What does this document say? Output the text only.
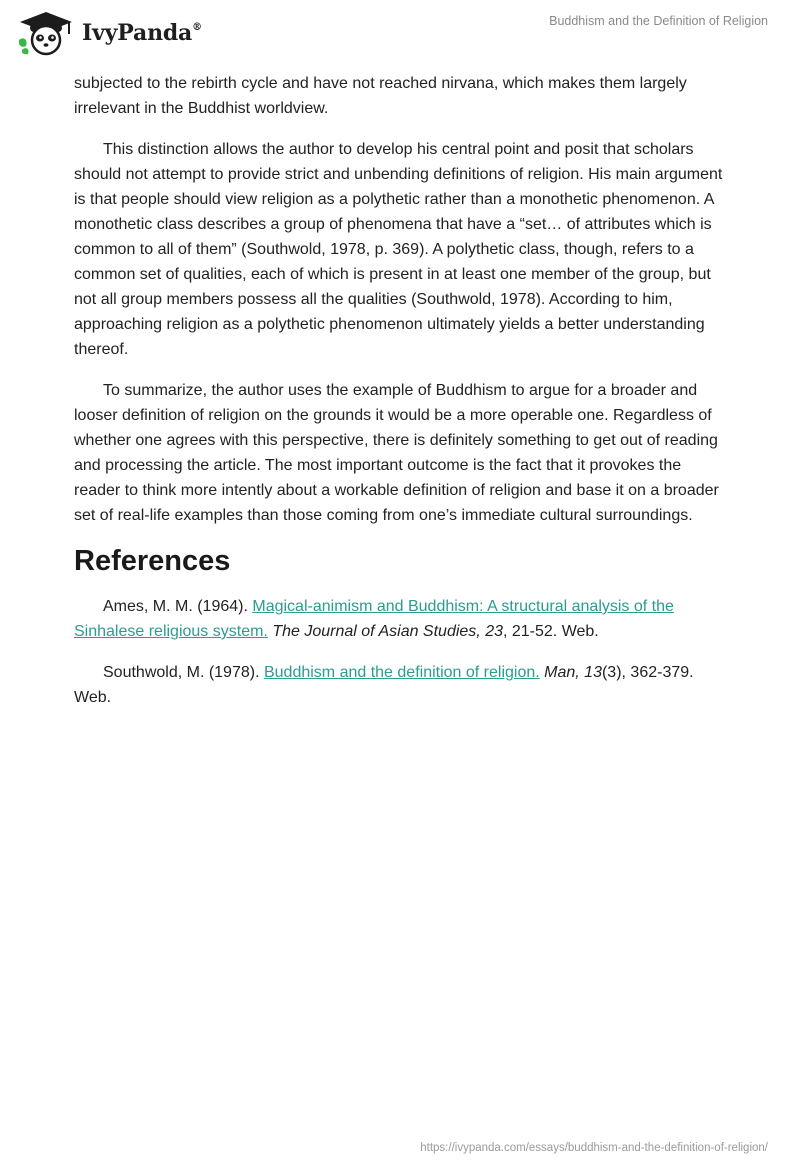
IvyPanda®	Buddhism and the Definition of Religion

subjected to the rebirth cycle and have not reached nirvana, which makes them largely irrelevant in the Buddhist worldview.

This distinction allows the author to develop his central point and posit that scholars should not attempt to provide strict and unbending definitions of religion. His main argument is that people should view religion as a polythetic rather than a monothetic phenomenon. A monothetic class describes a group of phenomena that have a “set… of attributes which is common to all of them” (Southwold, 1978, p. 369). A polythetic class, though, refers to a common set of qualities, each of which is present in at least one member of the group, but not all group members possess all the qualities (Southwold, 1978). According to him, approaching religion as a polythetic phenomenon ultimately yields a better understanding thereof.

To summarize, the author uses the example of Buddhism to argue for a broader and looser definition of religion on the grounds it would be a more operable one. Regardless of whether one agrees with this perspective, there is definitely something to get out of reading and processing the article. The most important outcome is the fact that it provokes the reader to think more intently about a workable definition of religion and base it on a broader set of real-life examples than those coming from one’s immediate cultural surroundings.

References

Ames, M. M. (1964). Magical-animism and Buddhism: A structural analysis of the Sinhalese religious system. The Journal of Asian Studies, 23, 21-52. Web.

Southwold, M. (1978). Buddhism and the definition of religion. Man, 13(3), 362-379. Web.

https://ivypanda.com/essays/buddhism-and-the-definition-of-religion/
